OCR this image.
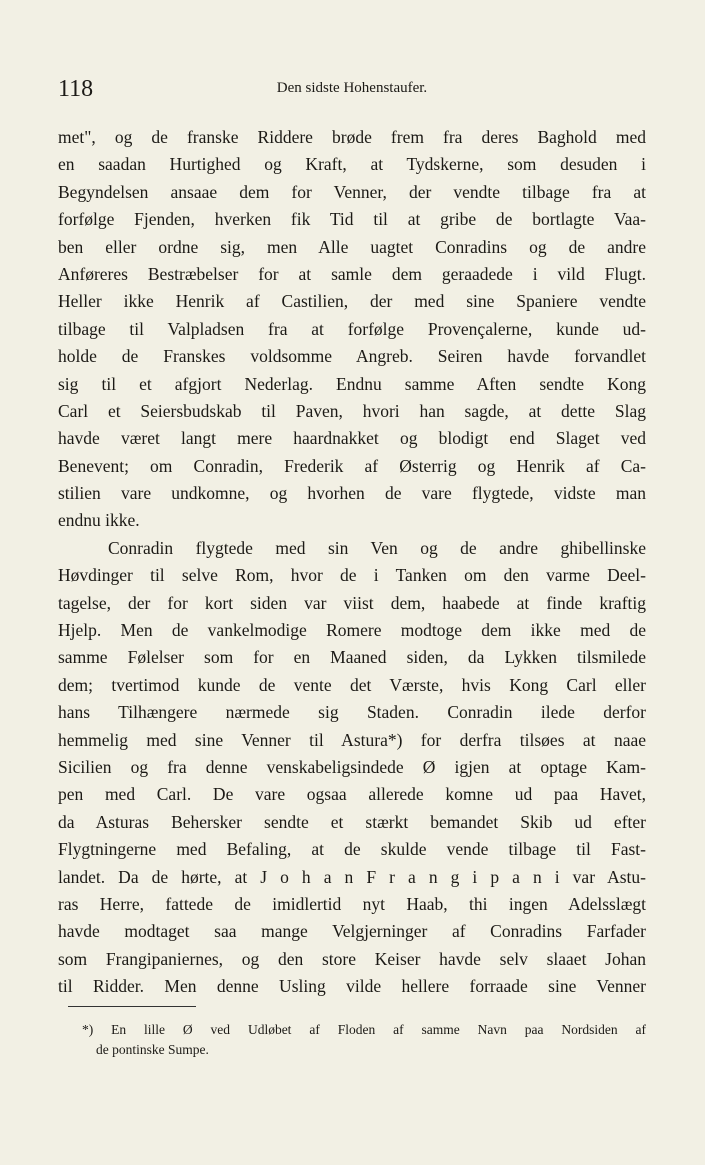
118	Den sidste Hohenstaufer.
met", og de franske Riddere brøde frem fra deres Baghold med
en saadan Hurtighed og Kraft, at Tydskerne, som desuden i
Begyndelsen ansaae dem for Venner, der vendte tilbage fra at
forfølge Fjenden, hverken fik Tid til at gribe de bortlagte Vaa-
ben eller ordne sig, men Alle uagtet Conradins og de andre
Anføreres Bestræbelser for at samle dem geraadede i vild Flugt.
Heller ikke Henrik af Castilien, der med sine Spaniere vendte
tilbage til Valpladsen fra at forfølge Provençalerne, kunde ud-
holde de Franskes voldsomme Angreb. Seiren havde forvandlet
sig til et afgjort Nederlag. Endnu samme Aften sendte Kong
Carl et Seiersbudskab til Paven, hvori han sagde, at dette Slag
havde været langt mere haardnakket og blodigt end Slaget ved
Benevent; om Conradin, Frederik af Østerrig og Henrik af Ca-
stilien vare undkomne, og hvorhen de vare flygtede, vidste man
endnu ikke.
Conradin flygtede med sin Ven og de andre ghibellinske
Høvdinger til selve Rom, hvor de i Tanken om den varme Deel-
tagelse, der for kort siden var viist dem, haabede at finde kraftig
Hjelp. Men de vankelmodige Romere modtoge dem ikke med de
samme Følelser som for en Maaned siden, da Lykken tilsmilede
dem; tvertimod kunde de vente det Værste, hvis Kong Carl eller
hans Tilhængere nærmede sig Staden. Conradin ilede derfor
hemmelig med sine Venner til Astura*) for derfra tilsøes at naae
Sicilien og fra denne venskabeligsindede Ø igjen at optage Kam-
pen med Carl. De vare ogsaa allerede komne ud paa Havet,
da Asturas Behersker sendte et stærkt bemandet Skib ud efter
Flygtningerne med Befaling, at de skulde vende tilbage til Fast-
landet. Da de hørte, at J o h a n F r a n g i p a n i var Astu-
ras Herre, fattede de imidlertid nyt Haab, thi ingen Adelsslægt
havde modtaget saa mange Velgjerninger af Conradins Farfader
som Frangipaniernes, og den store Keiser havde selv slaaet Johan
til Ridder. Men denne Usling vilde hellere forraade sine Venner
*) En lille Ø ved Udløbet af Floden af samme Navn paa Nordsiden af
de pontinske Sumpe.
